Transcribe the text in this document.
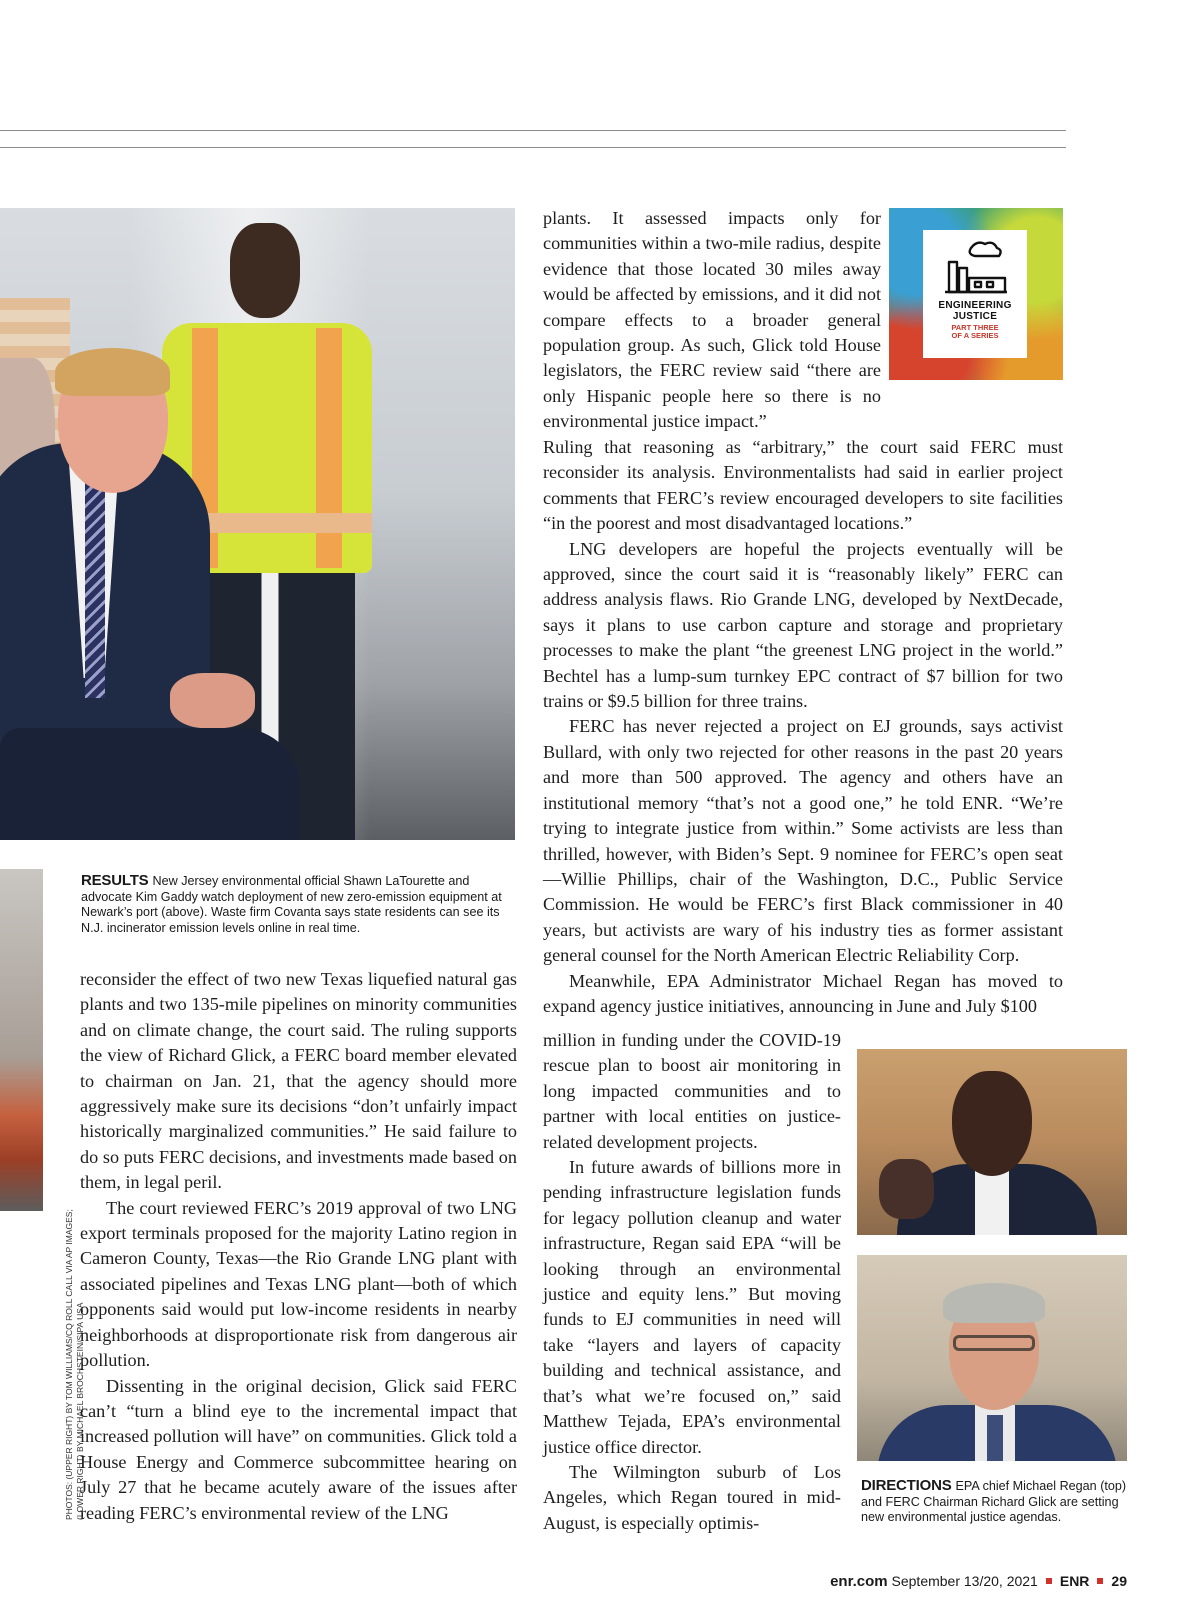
ENGINEERING
JUSTICE
PART THREE
OF A SERIES
RESULTS New Jersey environmental official Shawn LaTourette and advocate Kim Gaddy watch deployment of new zero-emission equipment at Newark’s port (above). Waste firm Covanta says state residents can see its N.J. incinerator emission levels online in real time.
DIRECTIONS EPA chief Michael Regan (top) and FERC Chairman Richard Glick are setting new environmental justice agendas.
PHOTOS: (UPPER RIGHT) BY TOM WILLIAMS/CQ ROLL CALL VIA AP IMAGES; (LOWER RIGHT) BY MICHAEL BROCHSTEIN/SIPA USA

reconsider the effect of two new Texas liquefied natural gas plants and two 135-mile pipelines on minority communities and on climate change, the court said. The ruling supports the view of Richard Glick, a FERC board member elevated to chairman on Jan. 21, that the agency should more aggressively make sure its decisions “don’t unfairly impact historically marginalized communities.” He said failure to do so puts FERC decisions, and investments made based on them, in legal peril.

The court reviewed FERC’s 2019 approval of two LNG export terminals proposed for the majority Latino region in Cameron County, Texas—the Rio Grande LNG plant with associated pipelines and Texas LNG plant—both of which opponents said would put low-income residents in nearby neighborhoods at disproportionate risk from dangerous air pollution.

Dissenting in the original decision, Glick said FERC can’t “turn a blind eye to the incremental impact that increased pollution will have” on communities. Glick told a House Energy and Commerce subcommittee hearing on July 27 that he became acutely aware of the issues after reading FERC’s environmental review of the LNG

plants. It assessed impacts only for communities within a two-mile radius, despite evidence that those located 30 miles away would be affected by emissions, and it did not compare effects to a broader general population group. As such, Glick told House legislators, the FERC review said “there are only Hispanic people here so there is no environmental justice impact.”

Ruling that reasoning as “arbitrary,” the court said FERC must reconsider its analysis. Environmentalists had said in earlier project comments that FERC’s review encouraged developers to site facilities “in the poorest and most disadvantaged locations.”

LNG developers are hopeful the projects eventually will be approved, since the court said it is “reasonably likely” FERC can address analysis flaws. Rio Grande LNG, developed by NextDecade, says it plans to use carbon capture and storage and proprietary processes to make the plant “the greenest LNG project in the world.” Bechtel has a lump-sum turnkey EPC contract of $7 billion for two trains or $9.5 billion for three trains.

FERC has never rejected a project on EJ grounds, says activist Bullard, with only two rejected for other reasons in the past 20 years and more than 500 approved. The agency and others have an institutional memory “that’s not a good one,” he told ENR. “We’re trying to integrate justice from within.” Some activists are less than thrilled, however, with Biden’s Sept. 9 nominee for FERC’s open seat—Willie Phillips, chair of the Washington, D.C., Public Service Commission. He would be FERC’s first Black commissioner in 40 years, but activists are wary of his industry ties as former assistant general counsel for the North American Electric Reliability Corp.

Meanwhile, EPA Administrator Michael Regan has moved to expand agency justice initiatives, announcing in June and July $100

million in funding under the COVID-19 rescue plan to boost air monitoring in long impacted communities and to partner with local entities on justice-related development projects.

In future awards of billions more in pending infrastructure legislation funds for legacy pollution cleanup and water infrastructure, Regan said EPA “will be looking through an environmental justice and equity lens.” But moving funds to EJ communities in need will take “layers and layers of capacity building and technical assistance, and that’s what we’re focused on,” said Matthew Tejada, EPA’s environmental justice office director.

The Wilmington suburb of Los Angeles, which Regan toured in mid-August, is especially optimis-

enr.com September 13/20, 2021 ENR 29
